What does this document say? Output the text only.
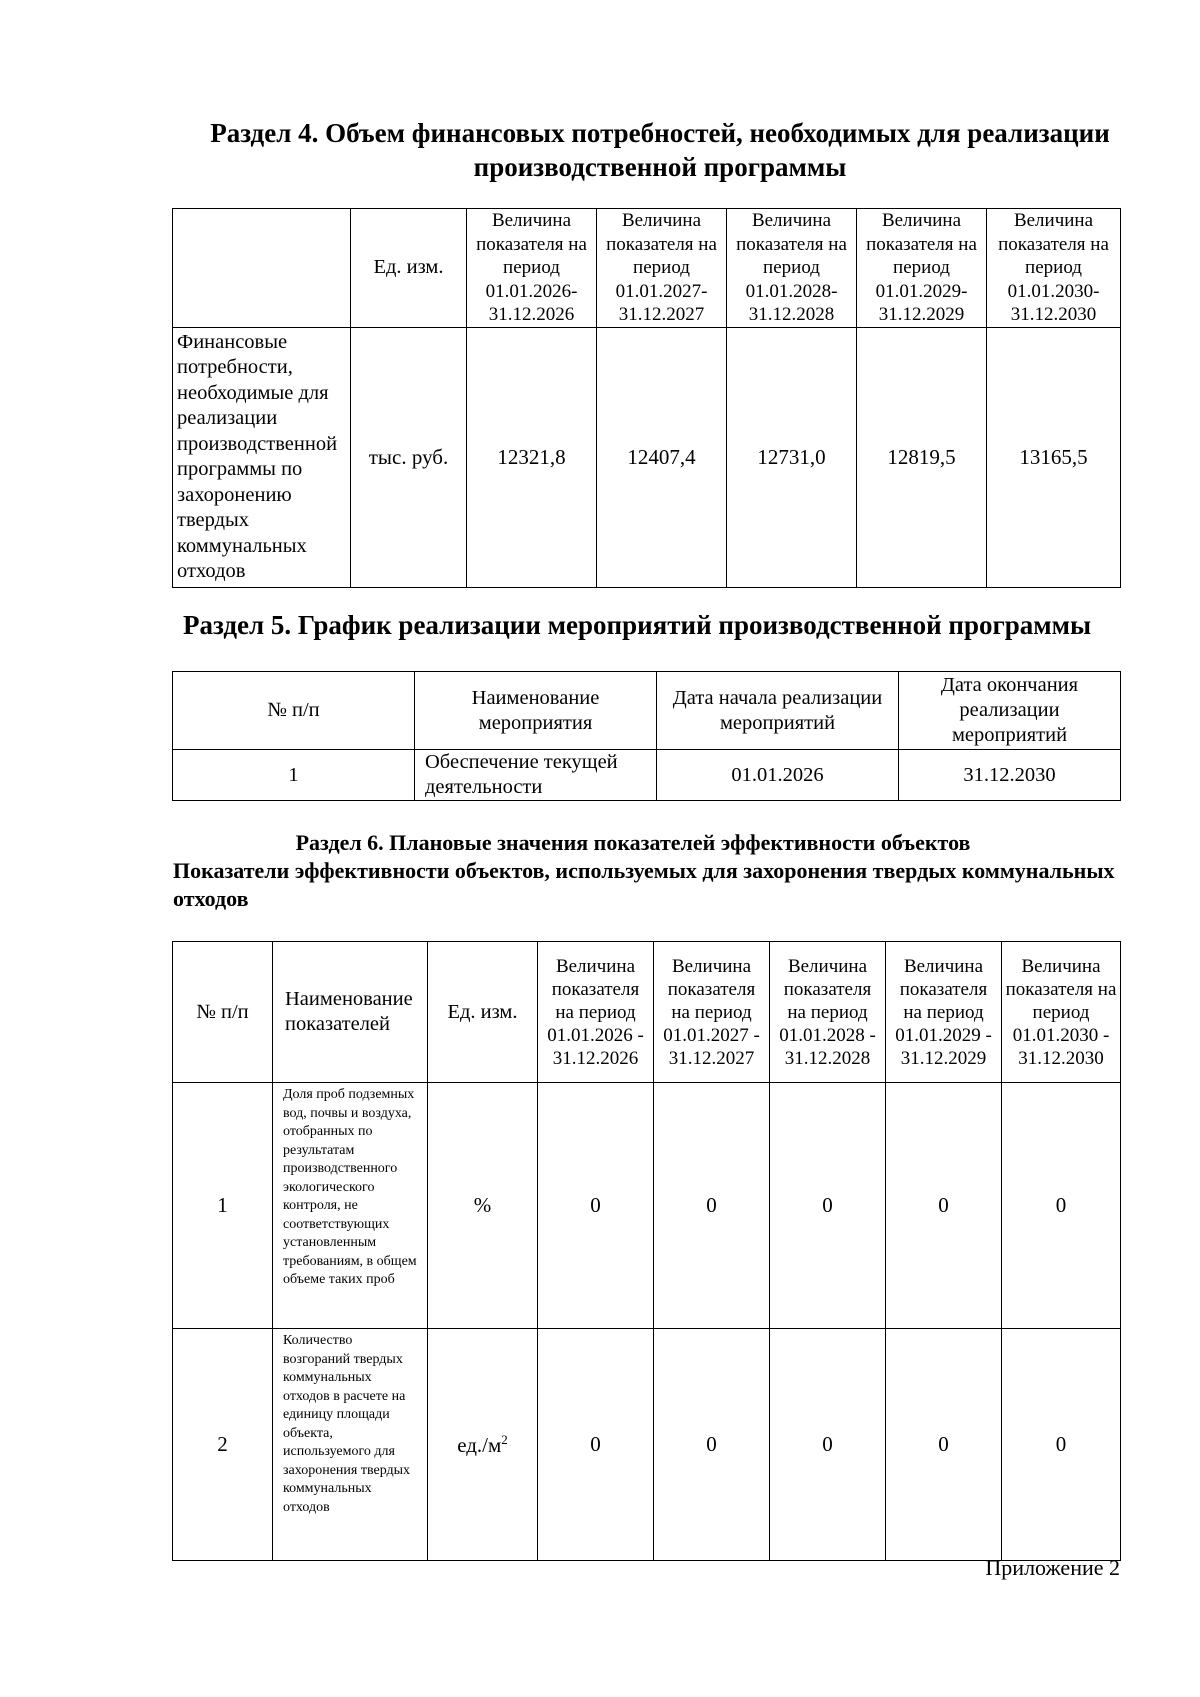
Раздел 4. Объем финансовых потребностей, необходимых для реализации производственной программы
	Ед. изм.	Величина показателя на период 01.01.2026-31.12.2026	Величина показателя на период 01.01.2027-31.12.2027	Величина показателя на период 01.01.2028-31.12.2028	Величина показателя на период 01.01.2029-31.12.2029	Величина показателя на период 01.01.2030-31.12.2030
Финансовые потребности, необходимые для реализации производственной программы по захоронению твердых коммунальных отходов	тыс. руб.	12321,8	12407,4	12731,0	12819,5	13165,5
Раздел 5. График реализации мероприятий производственной программы
№ п/п	Наименование мероприятия	Дата начала реализации мероприятий	Дата окончания реализации мероприятий
1	Обеспечение текущей деятельности	01.01.2026	31.12.2030
Раздел 6. Плановые значения показателей эффективности объектов
Показатели эффективности объектов, используемых для захоронения твердых коммунальных отходов
№ п/п	Наименование показателей	Ед. изм.	Величина показателя на период 01.01.2026 - 31.12.2026	Величина показателя на период 01.01.2027 - 31.12.2027	Величина показателя на период 01.01.2028 - 31.12.2028	Величина показателя на период 01.01.2029 - 31.12.2029	Величина показателя на период 01.01.2030 - 31.12.2030
1	Доля проб подземных вод, почвы и воздуха, отобранных по результатам производственного экологического контроля, не соответствующих установленным требованиям, в общем объеме таких проб	%	0	0	0	0	0
2	Количество возгораний твердых коммунальных отходов в расчете на единицу площади объекта, используемого для захоронения твердых коммунальных отходов	$ед./м^2$	0	0	0	0	0
Приложение 2
